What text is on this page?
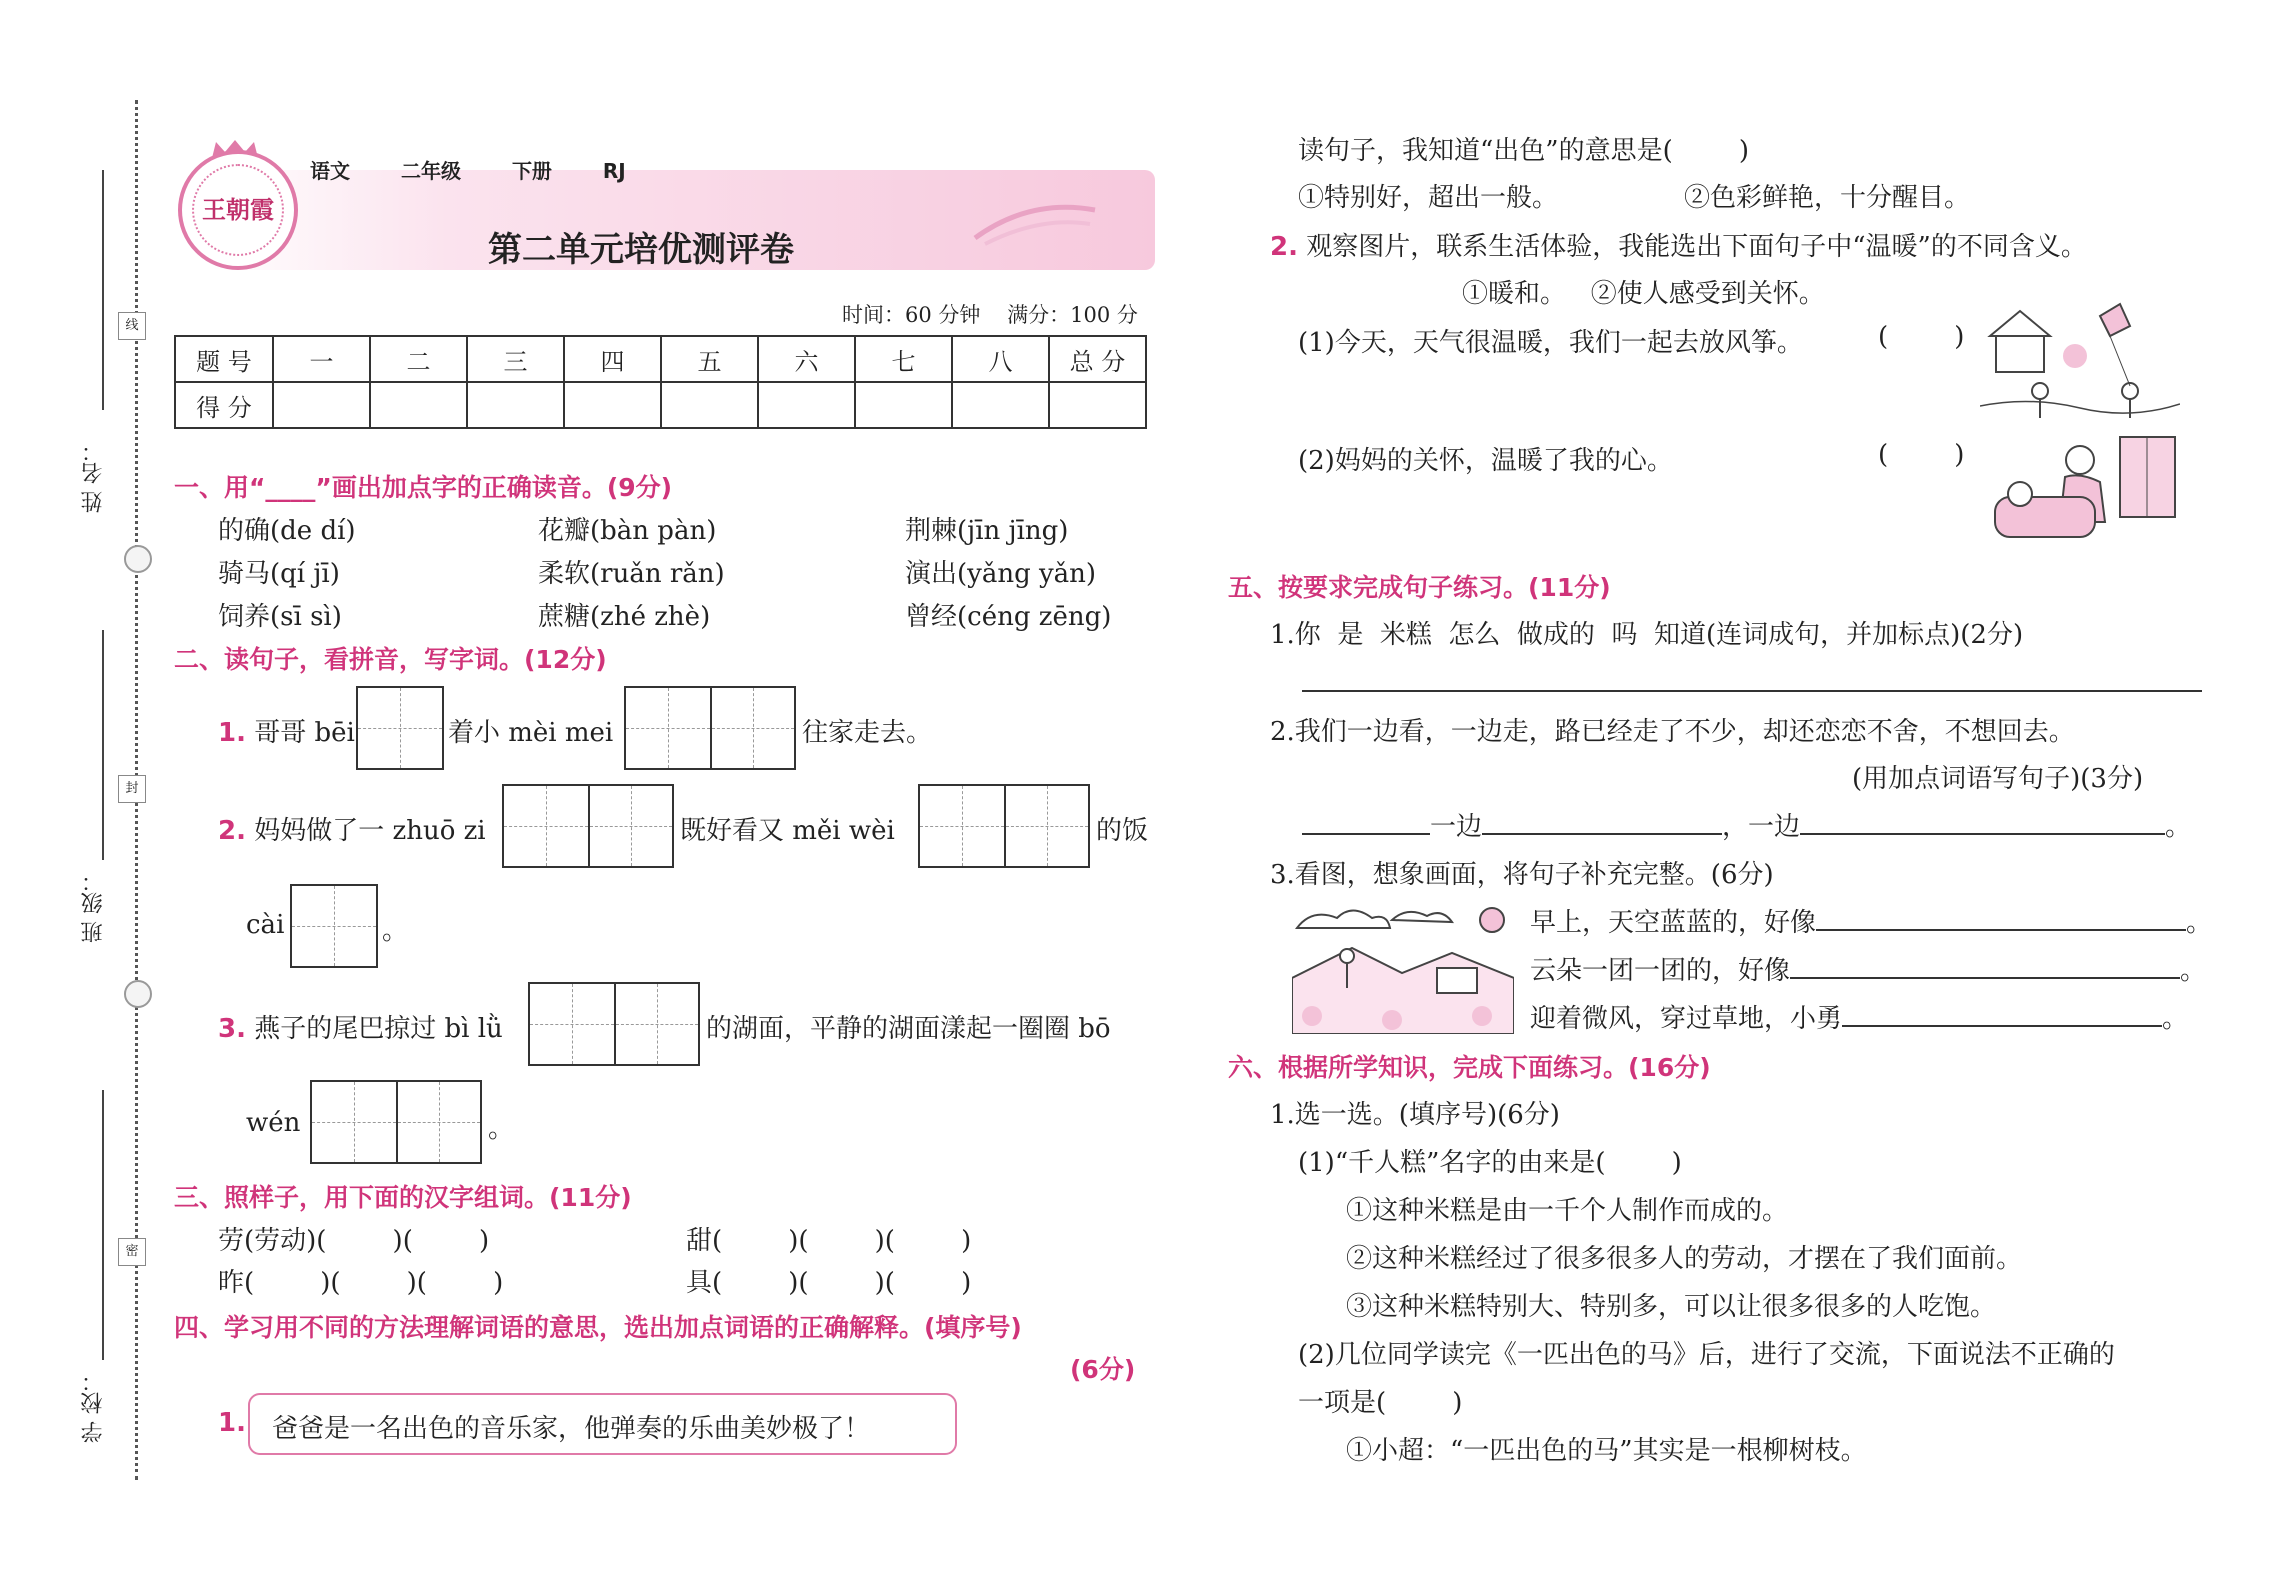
姓 名：
班 级：
学 校：
线
封
密
王朝霞
语文	二年级	下册	RJ
第二单元培优测评卷
时间：60 分钟    满分：100 分
题 号	一	二	三	四	五	六	七	八	总 分
得 分									
一、用“____”画出加点字的正确读音。(9分)
的确(de dí)	花瓣(bàn pàn)	荆棘(jīn jīng)
骑马(qí jī)	柔软(ruǎn rǎn)	演出(yǎng yǎn)
饲养(sī sì)	蔗糖(zhé zhè)	曾经(céng zēng)
二、读句子，看拼音，写字词。(12分)
1. 哥哥 bēi	着小 mèi mei	往家走去。
2. 妈妈做了一 zhuō zi	既好看又 měi wèi	的饭
cài	。
3. 燕子的尾巴掠过 bì lǜ	的湖面，平静的湖面漾起一圈圈 bō
wén	。
三、照样子，用下面的汉字组词。(11分)
劳(劳动)(        )(        )	甜(        )(        )(        )
昨(        )(        )(        )	具(        )(        )(        )
四、学习用不同的方法理解词语的意思，选出加点词语的正确解释。(填序号)
(6分)
1. 爸爸是一名出色的音乐家，他弹奏的乐曲美妙极了！
读句子，我知道“出色”的意思是(        )
①特别好，超出一般。	②色彩鲜艳，十分醒目。
2. 观察图片，联系生活体验，我能选出下面句子中“温暖”的不同含义。
①暖和。   ②使人感受到关怀。
(1)今天，天气很温暖，我们一起去放风筝。	(        )
(2)妈妈的关怀，温暖了我的心。	(        )
五、按要求完成句子练习。(11分)
1.你  是  米糕  怎么  做成的  吗  知道(连词成句，并加标点)(2分)
2.我们一边看，一边走，路已经走了不少，却还恋恋不舍，不想回去。
(用加点词语写句子)(3分)
一边	，一边	。
3.看图，想象画面，将句子补充完整。(6分)
早上，天空蓝蓝的，好像	。
云朵一团一团的，好像	。
迎着微风，穿过草地，小勇	。
六、根据所学知识，完成下面练习。(16分)
1.选一选。(填序号)(6分)
(1)“千人糕”名字的由来是(        )
①这种米糕是由一千个人制作而成的。
②这种米糕经过了很多很多人的劳动，才摆在了我们面前。
③这种米糕特别大、特别多，可以让很多很多的人吃饱。
(2)几位同学读完《一匹出色的马》后，进行了交流，下面说法不正确的
一项是(        )
①小超：“一匹出色的马”其实是一根柳树枝。
